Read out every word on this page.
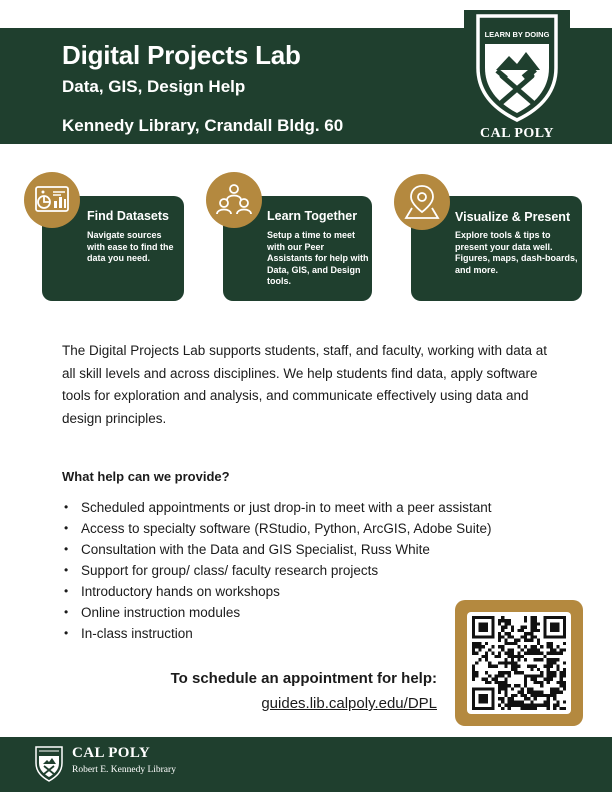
Digital Projects Lab
Data, GIS, Design Help
Kennedy Library, Crandall Bldg. 60
LEARN BY DOING
CAL POLY
Find Datasets
Navigate sources with ease to find the data you need.
Learn Together
Setup a time to meet with our Peer Assistants for help with Data, GIS, and Design tools.
Visualize & Present
Explore tools & tips to present your data well. Figures, maps, dash-boards, and more.

The Digital Projects Lab supports students, staff, and faculty, working with data at all skill levels and across disciplines. We help students find data, apply software tools for exploration and analysis, and communicate effectively using data and design principles.

What help can we provide?
• Scheduled appointments or just drop-in to meet with a peer assistant
• Access to specialty software (RStudio, Python, ArcGIS, Adobe Suite)
• Consultation with the Data and GIS Specialist, Russ White
• Support for group/ class/ faculty research projects
• Introductory hands on workshops
• Online instruction modules
• In-class instruction
To schedule an appointment for help:
guides.lib.calpoly.edu/DPL
CAL POLY
Robert E. Kennedy Library
